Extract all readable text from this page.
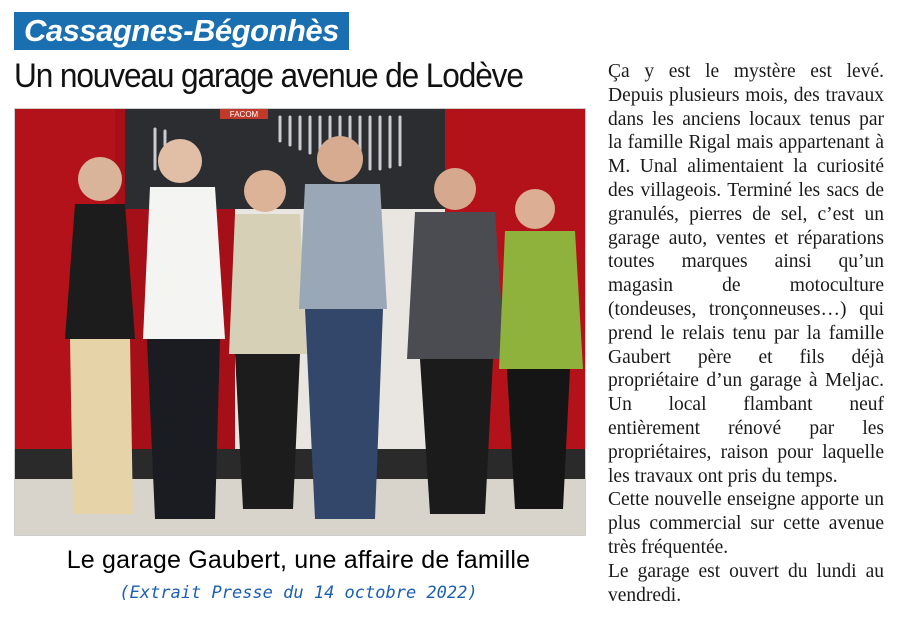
Cassagnes-Bégonhès
Un nouveau garage avenue de Lodève
FACOM
Le garage Gaubert, une affaire de famille
(Extrait Presse du 14 octobre 2022)

Ça y est le mystère est levé. Depuis plusieurs mois, des travaux dans les anciens locaux tenus par la famille Rigal mais appartenant à M. Unal alimentaient la curiosité des villageois. Terminé les sacs de granulés, pierres de sel, c’est un garage auto, ventes et réparations toutes marques ainsi qu’un magasin de motoculture (tondeuses, tronçonneuses…) qui prend le relais tenu par la famille Gaubert père et fils déjà propriétaire d’un garage à Meljac. Un local flambant neuf entièrement rénové par les propriétaires, raison pour laquelle les travaux ont pris du temps.

Cette nouvelle enseigne apporte un plus commercial sur cette avenue très fréquentée.

Le garage est ouvert du lundi au vendredi.
